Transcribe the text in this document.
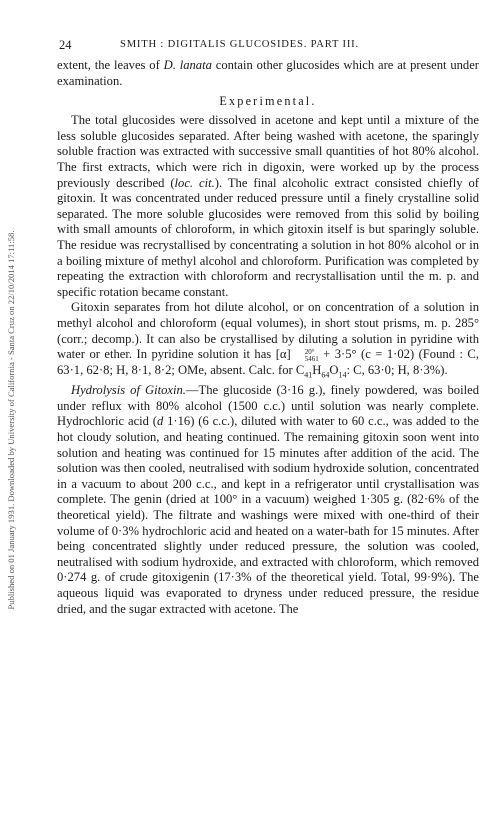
Published on 01 January 1931. Downloaded by University of California - Santa Cruz on 22/10/2014 17:11:58.
24	SMITH : DIGITALIS GLUCOSIDES. PART III.

extent, the leaves of D. lanata contain other glucosides which are at present under examination.

Experimental.

The total glucosides were dissolved in acetone and kept until a mixture of the less soluble glucosides separated. After being washed with acetone, the sparingly soluble fraction was extracted with successive small quantities of hot 80% alcohol. The first extracts, which were rich in digoxin, were worked up by the process previously described (loc. cit.). The final alcoholic extract consisted chiefly of gitoxin. It was concentrated under reduced pressure until a finely crystalline solid separated. The more soluble glucosides were removed from this solid by boiling with small amounts of chloroform, in which gitoxin itself is but sparingly soluble. The residue was recrystallised by concentrating a solution in hot 80% alcohol or in a boiling mixture of methyl alcohol and chloroform. Purification was completed by repeating the extraction with chloroform and recrystallisation until the m. p. and specific rotation became constant.

Gitoxin separates from hot dilute alcohol, or on concentration of a solution in methyl alcohol and chloroform (equal volumes), in short stout prisms, m. p. 285° (corr.; decomp.). It can also be crystallised by diluting a solution in pyridine with water or ether. In pyridine solution it has [α]	20°
5461 + 3·5° (c = 1·02) (Found : C, 63·1, 62·8; H, 8·1, 8·2; OMe, absent. Calc. for $C_{41}H_{64}O_{14}$: C, 63·0; H, 8·3%).

Hydrolysis of Gitoxin.—The glucoside (3·16 g.), finely powdered, was boiled under reflux with 80% alcohol (1500 c.c.) until solution was nearly complete. Hydrochloric acid (d 1·16) (6 c.c.), diluted with water to 60 c.c., was added to the hot cloudy solution, and heating continued. The remaining gitoxin soon went into solution and heating was continued for 15 minutes after addition of the acid. The solution was then cooled, neutralised with sodium hydroxide solution, concentrated in a vacuum to about 200 c.c., and kept in a refrigerator until crystallisation was complete. The genin (dried at 100° in a vacuum) weighed 1·305 g. (82·6% of the theoretical yield). The filtrate and washings were mixed with one-third of their volume of 0·3% hydrochloric acid and heated on a water-bath for 15 minutes. After being concentrated slightly under reduced pressure, the solution was cooled, neutralised with sodium hydroxide, and extracted with chloroform, which removed 0·274 g. of crude gitoxigenin (17·3% of the theoretical yield. Total, 99·9%). The aqueous liquid was evaporated to dryness under reduced pressure, the residue dried, and the sugar extracted with acetone. The
